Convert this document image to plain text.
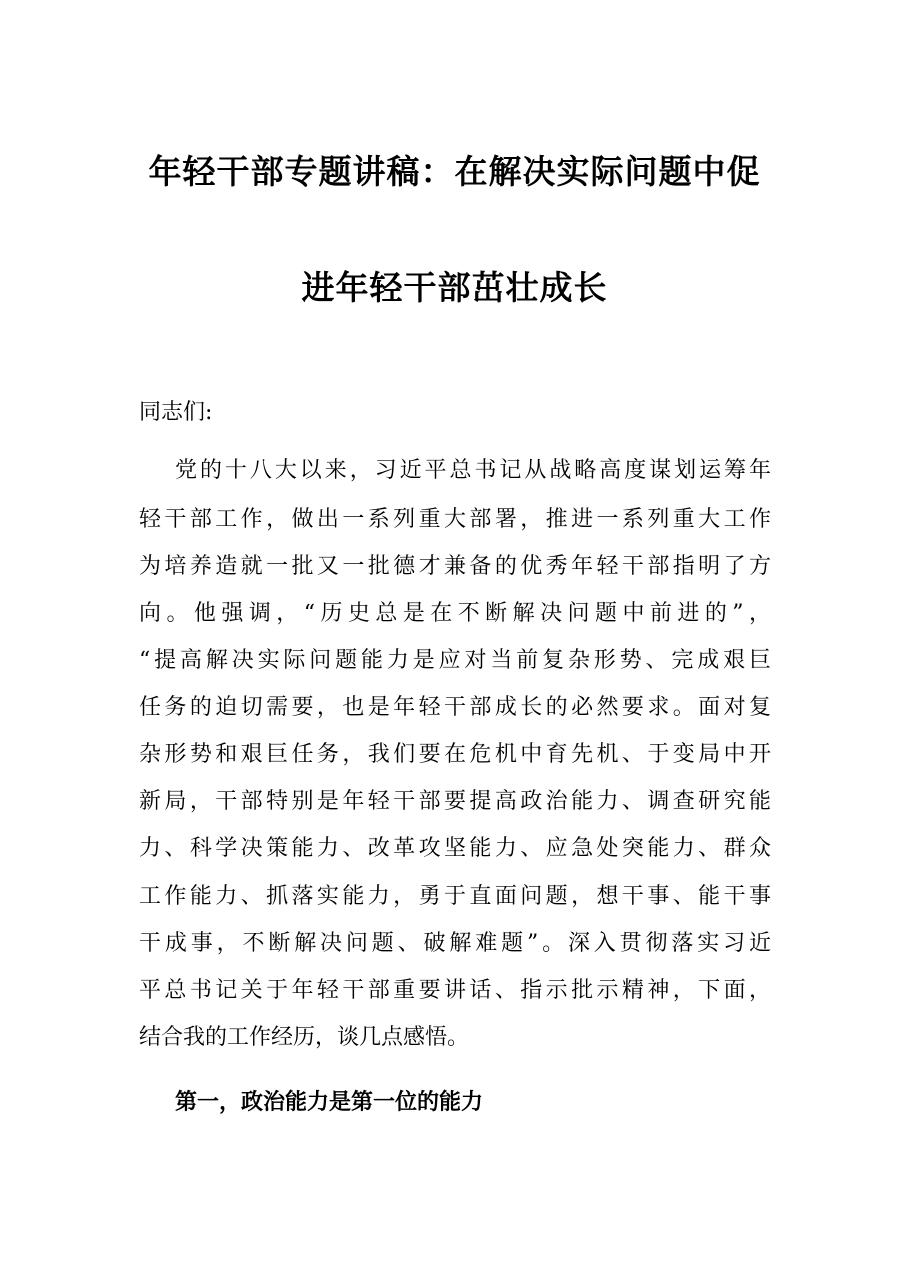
年轻干部专题讲稿：在解决实际问题中促
进年轻干部茁壮成长
同志们:
党的十八大以来，习近平总书记从战略高度谋划运筹年
轻干部工作，做出一系列重大部署，推进一系列重大工作
为培养造就一批又一批德才兼备的优秀年轻干部指明了方
向。他强调，“历史总是在不断解决问题中前进的”，
“提高解决实际问题能力是应对当前复杂形势、完成艰巨
任务的迫切需要，也是年轻干部成长的必然要求。面对复
杂形势和艰巨任务，我们要在危机中育先机、于变局中开
新局，干部特别是年轻干部要提高政治能力、调查研究能
力、科学决策能力、改革攻坚能力、应急处突能力、群众
工作能力、抓落实能力，勇于直面问题，想干事、能干事
干成事，不断解决问题、破解难题”。深入贯彻落实习近
平总书记关于年轻干部重要讲话、指示批示精神，下面，
结合我的工作经历，谈几点感悟。
第一，政治能力是第一位的能力
